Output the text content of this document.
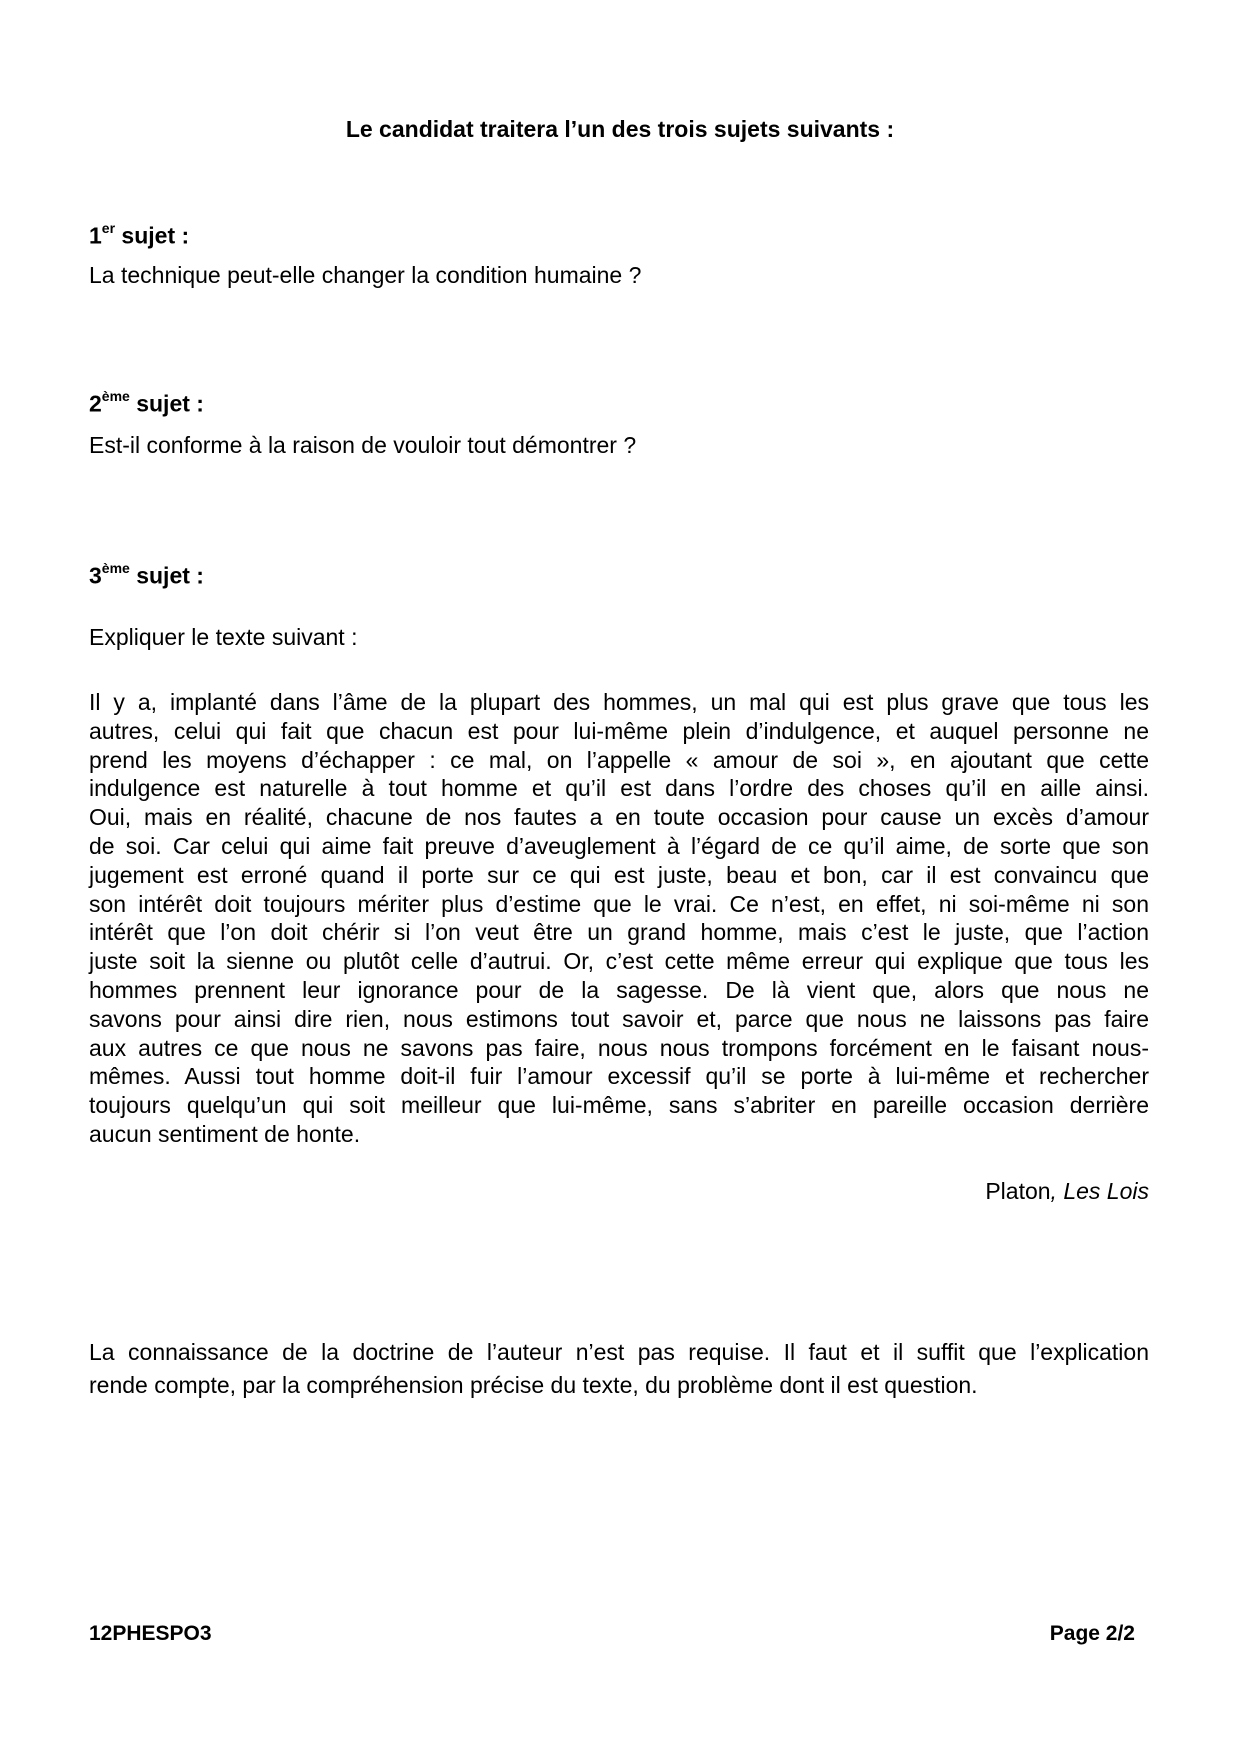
Le candidat traitera l’un des trois sujets suivants :
1er sujet :
La technique peut-elle changer la condition humaine ?
2ème sujet :
Est-il conforme à la raison de vouloir tout démontrer ?
3ème sujet :
Expliquer le texte suivant :
Il y a, implanté dans l’âme de la plupart des hommes, un mal qui est plus grave que tous les
autres, celui qui fait que chacun est pour lui-même plein d’indulgence, et auquel personne ne
prend les moyens d’échapper : ce mal, on l’appelle « amour de soi », en ajoutant que cette
indulgence est naturelle à tout homme et qu’il est dans l’ordre des choses qu’il en aille ainsi.
Oui, mais en réalité, chacune de nos fautes a en toute occasion pour cause un excès d’amour
de soi. Car celui qui aime fait preuve d’aveuglement à l’égard de ce qu’il aime, de sorte que son
jugement est erroné quand il porte sur ce qui est juste, beau et bon, car il est convaincu que
son intérêt doit toujours mériter plus d’estime que le vrai. Ce n’est, en effet, ni soi-même ni son
intérêt que l’on doit chérir si l’on veut être un grand homme, mais c’est le juste, que l’action
juste soit la sienne ou plutôt celle d’autrui. Or, c’est cette même erreur qui explique que tous les
hommes prennent leur ignorance pour de la sagesse. De là vient que, alors que nous ne
savons pour ainsi dire rien, nous estimons tout savoir et, parce que nous ne laissons pas faire
aux autres ce que nous ne savons pas faire, nous nous trompons forcément en le faisant nous-
mêmes. Aussi tout homme doit-il fuir l’amour excessif qu’il se porte à lui-même et rechercher
toujours quelqu’un qui soit meilleur que lui-même, sans s’abriter en pareille occasion derrière
aucun sentiment de honte.
Platon, Les Lois
La connaissance de la doctrine de l’auteur n’est pas requise. Il faut et il suffit que l’explication
rende compte, par la compréhension précise du texte, du problème dont il est question.
12PHESPO3	Page 2/2
